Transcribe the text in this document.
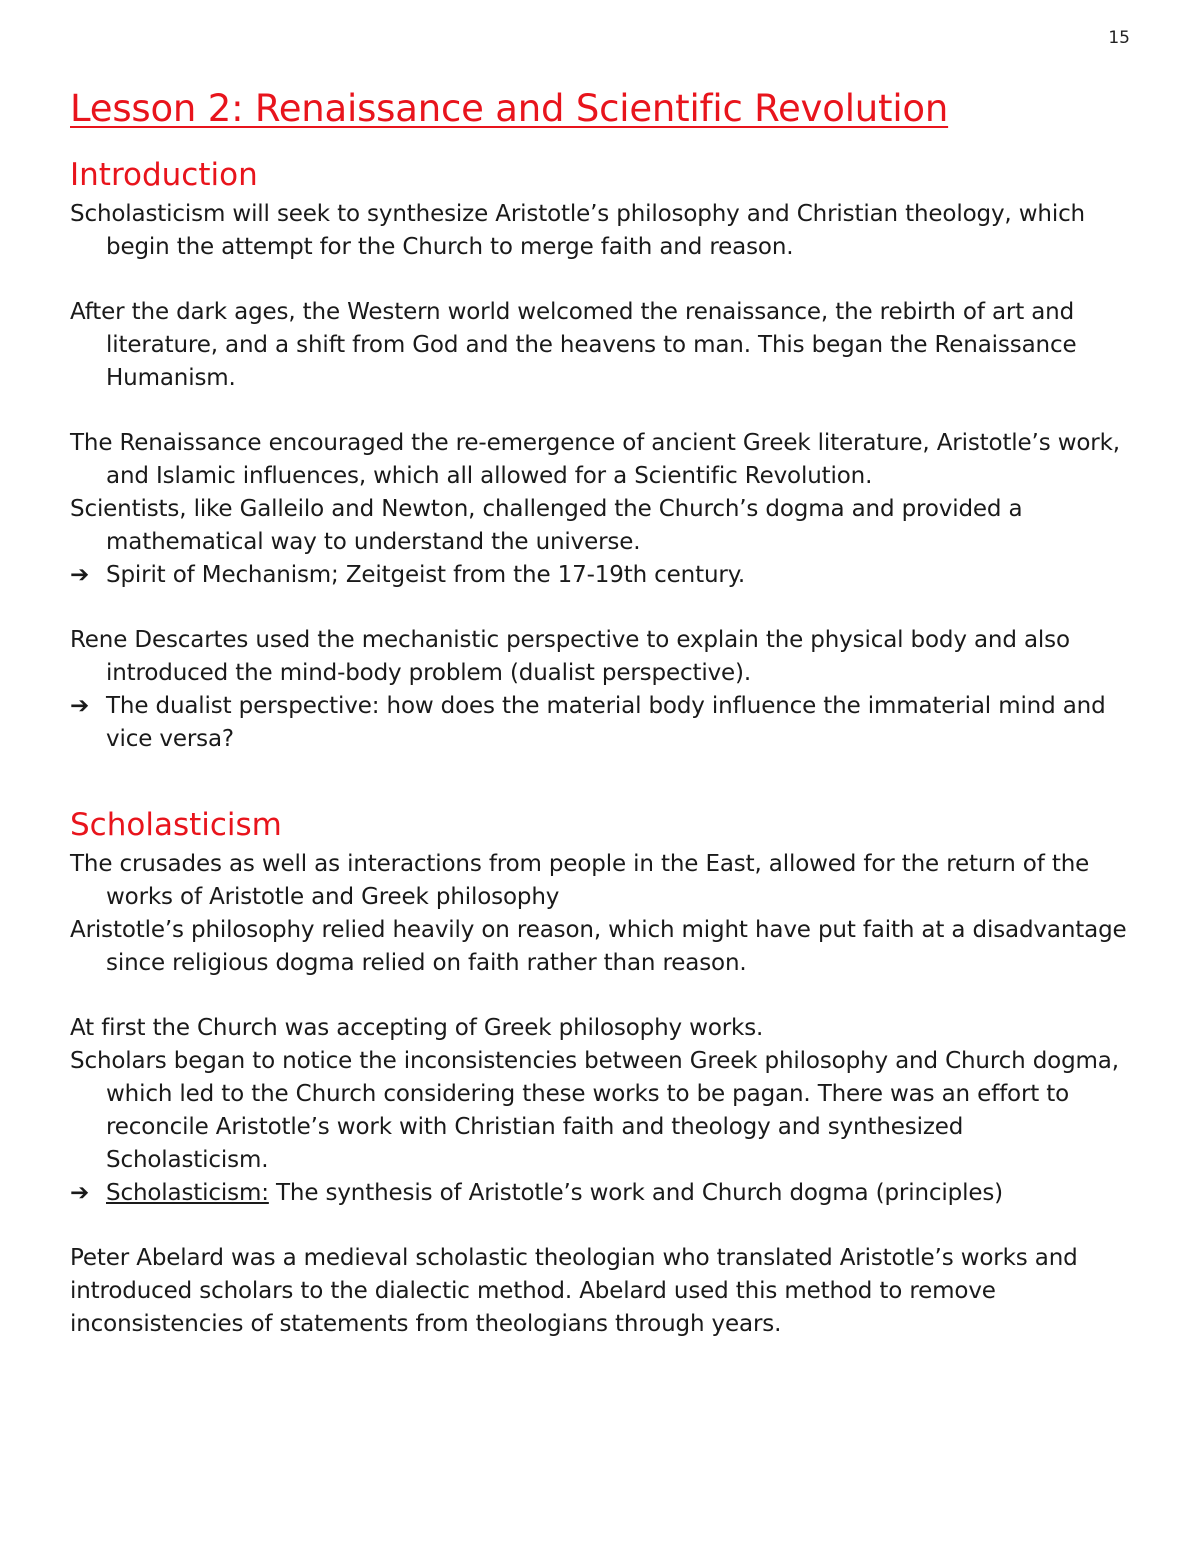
15
Lesson 2: Renaissance and Scientific Revolution
Introduction

Scholasticism will seek to synthesize Aristotle’s philosophy and Christian theology, which begin the attempt for the Church to merge faith and reason.

After the dark ages, the Western world welcomed the renaissance, the rebirth of art and literature, and a shift from God and the heavens to man. This began the Renaissance Humanism.

The Renaissance encouraged the re-emergence of ancient Greek literature, Aristotle’s work, and Islamic influences, which all allowed for a Scientific Revolution.

Scientists, like Galleilo and Newton, challenged the Church’s dogma and provided a mathematical way to understand the universe.

➔ Spirit of Mechanism; Zeitgeist from the 17-19th century.

Rene Descartes used the mechanistic perspective to explain the physical body and also introduced the mind-body problem (dualist perspective).

➔ The dualist perspective: how does the material body influence the immaterial mind and vice versa?
Scholasticism

The crusades as well as interactions from people in the East, allowed for the return of the works of Aristotle and Greek philosophy

Aristotle’s philosophy relied heavily on reason, which might have put faith at a disadvantage since religious dogma relied on faith rather than reason.

At first the Church was accepting of Greek philosophy works.

Scholars began to notice the inconsistencies between Greek philosophy and Church dogma, which led to the Church considering these works to be pagan. There was an effort to reconcile Aristotle’s work with Christian faith and theology and synthesized Scholasticism.

➔ Scholasticism: The synthesis of Aristotle’s work and Church dogma (principles)

Peter Abelard was a medieval scholastic theologian who translated Aristotle’s works and introduced scholars to the dialectic method. Abelard used this method to remove inconsistencies of statements from theologians through years.
